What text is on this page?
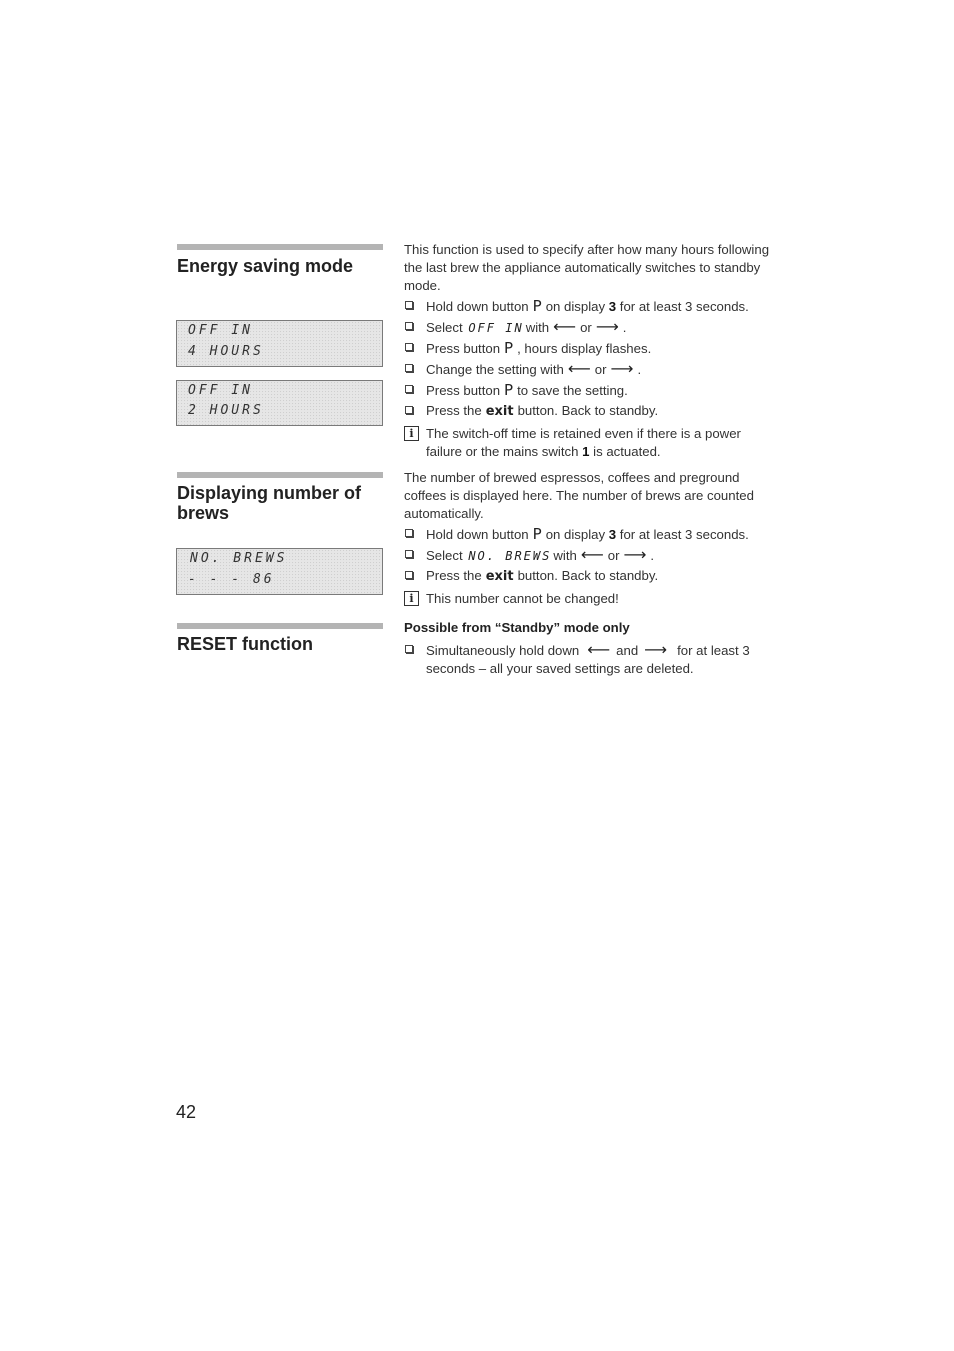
Energy saving mode
OFF IN
4 HOURS
OFF IN
2 HOURS

This function is used to specify after how many hours following the last brew the appliance automatically switches to standby mode.

Hold down button P on display 3 for at least 3 seconds.
Select OFF IN with ⟵ or ⟶ .
Press button P , hours display flashes.
Change the setting with ⟵ or ⟶ .
Press button P to save the setting.
Press the exit button. Back to standby.
i The switch-off time is retained even if there is a power failure or the mains switch 1 is actuated.
Displaying number of brews
NO. BREWS
- - - 86

The number of brewed espressos, coffees and preground coffees is displayed here. The number of brews are counted automatically.

Hold down button P on display 3 for at least 3 seconds.
Select NO. BREWS with ⟵ or ⟶ .
Press the exit button. Back to standby.
i This number cannot be changed!
RESET function

Possible from “Standby” mode only

Simultaneously hold down ⟵ and ⟶ for at least 3 seconds – all your saved settings are deleted.
42
